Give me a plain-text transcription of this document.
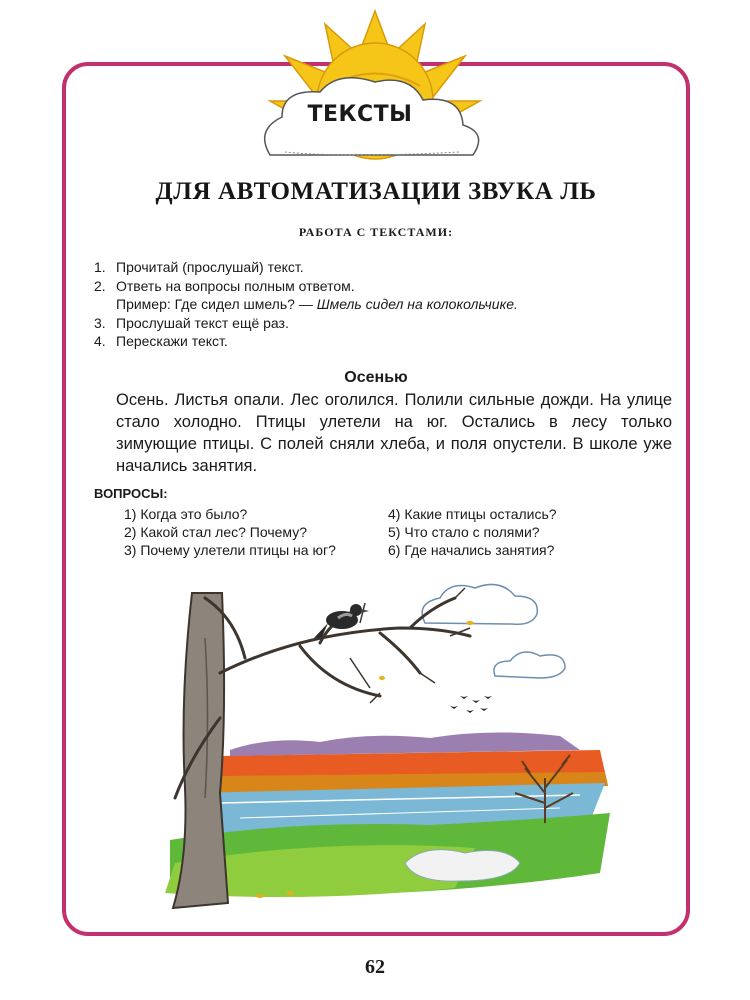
ТЕКСТЫ
ДЛЯ АВТОМАТИЗАЦИИ ЗВУКА ЛЬ
РАБОТА С ТЕКСТАМИ:
1. Прочитай (прослушай) текст.
2. Ответь на вопросы полным ответом.
Пример: Где сидел шмель? — Шмель сидел на колокольчике.
3. Прослушай текст ещё раз.
4. Перескажи текст.
Осенью
Осень. Листья опали. Лес оголился. Полили сильные дожди. На улице стало холодно. Птицы улетели на юг. Остались в лесу только зимующие птицы. С полей сняли хлеба, и поля опустели. В школе уже начались занятия.
ВОПРОСЫ:
1) Когда это было?	4) Какие птицы остались?
2) Какой стал лес? Почему?	5) Что стало с полями?
3) Почему улетели птицы на юг?	6) Где начались занятия?
62
